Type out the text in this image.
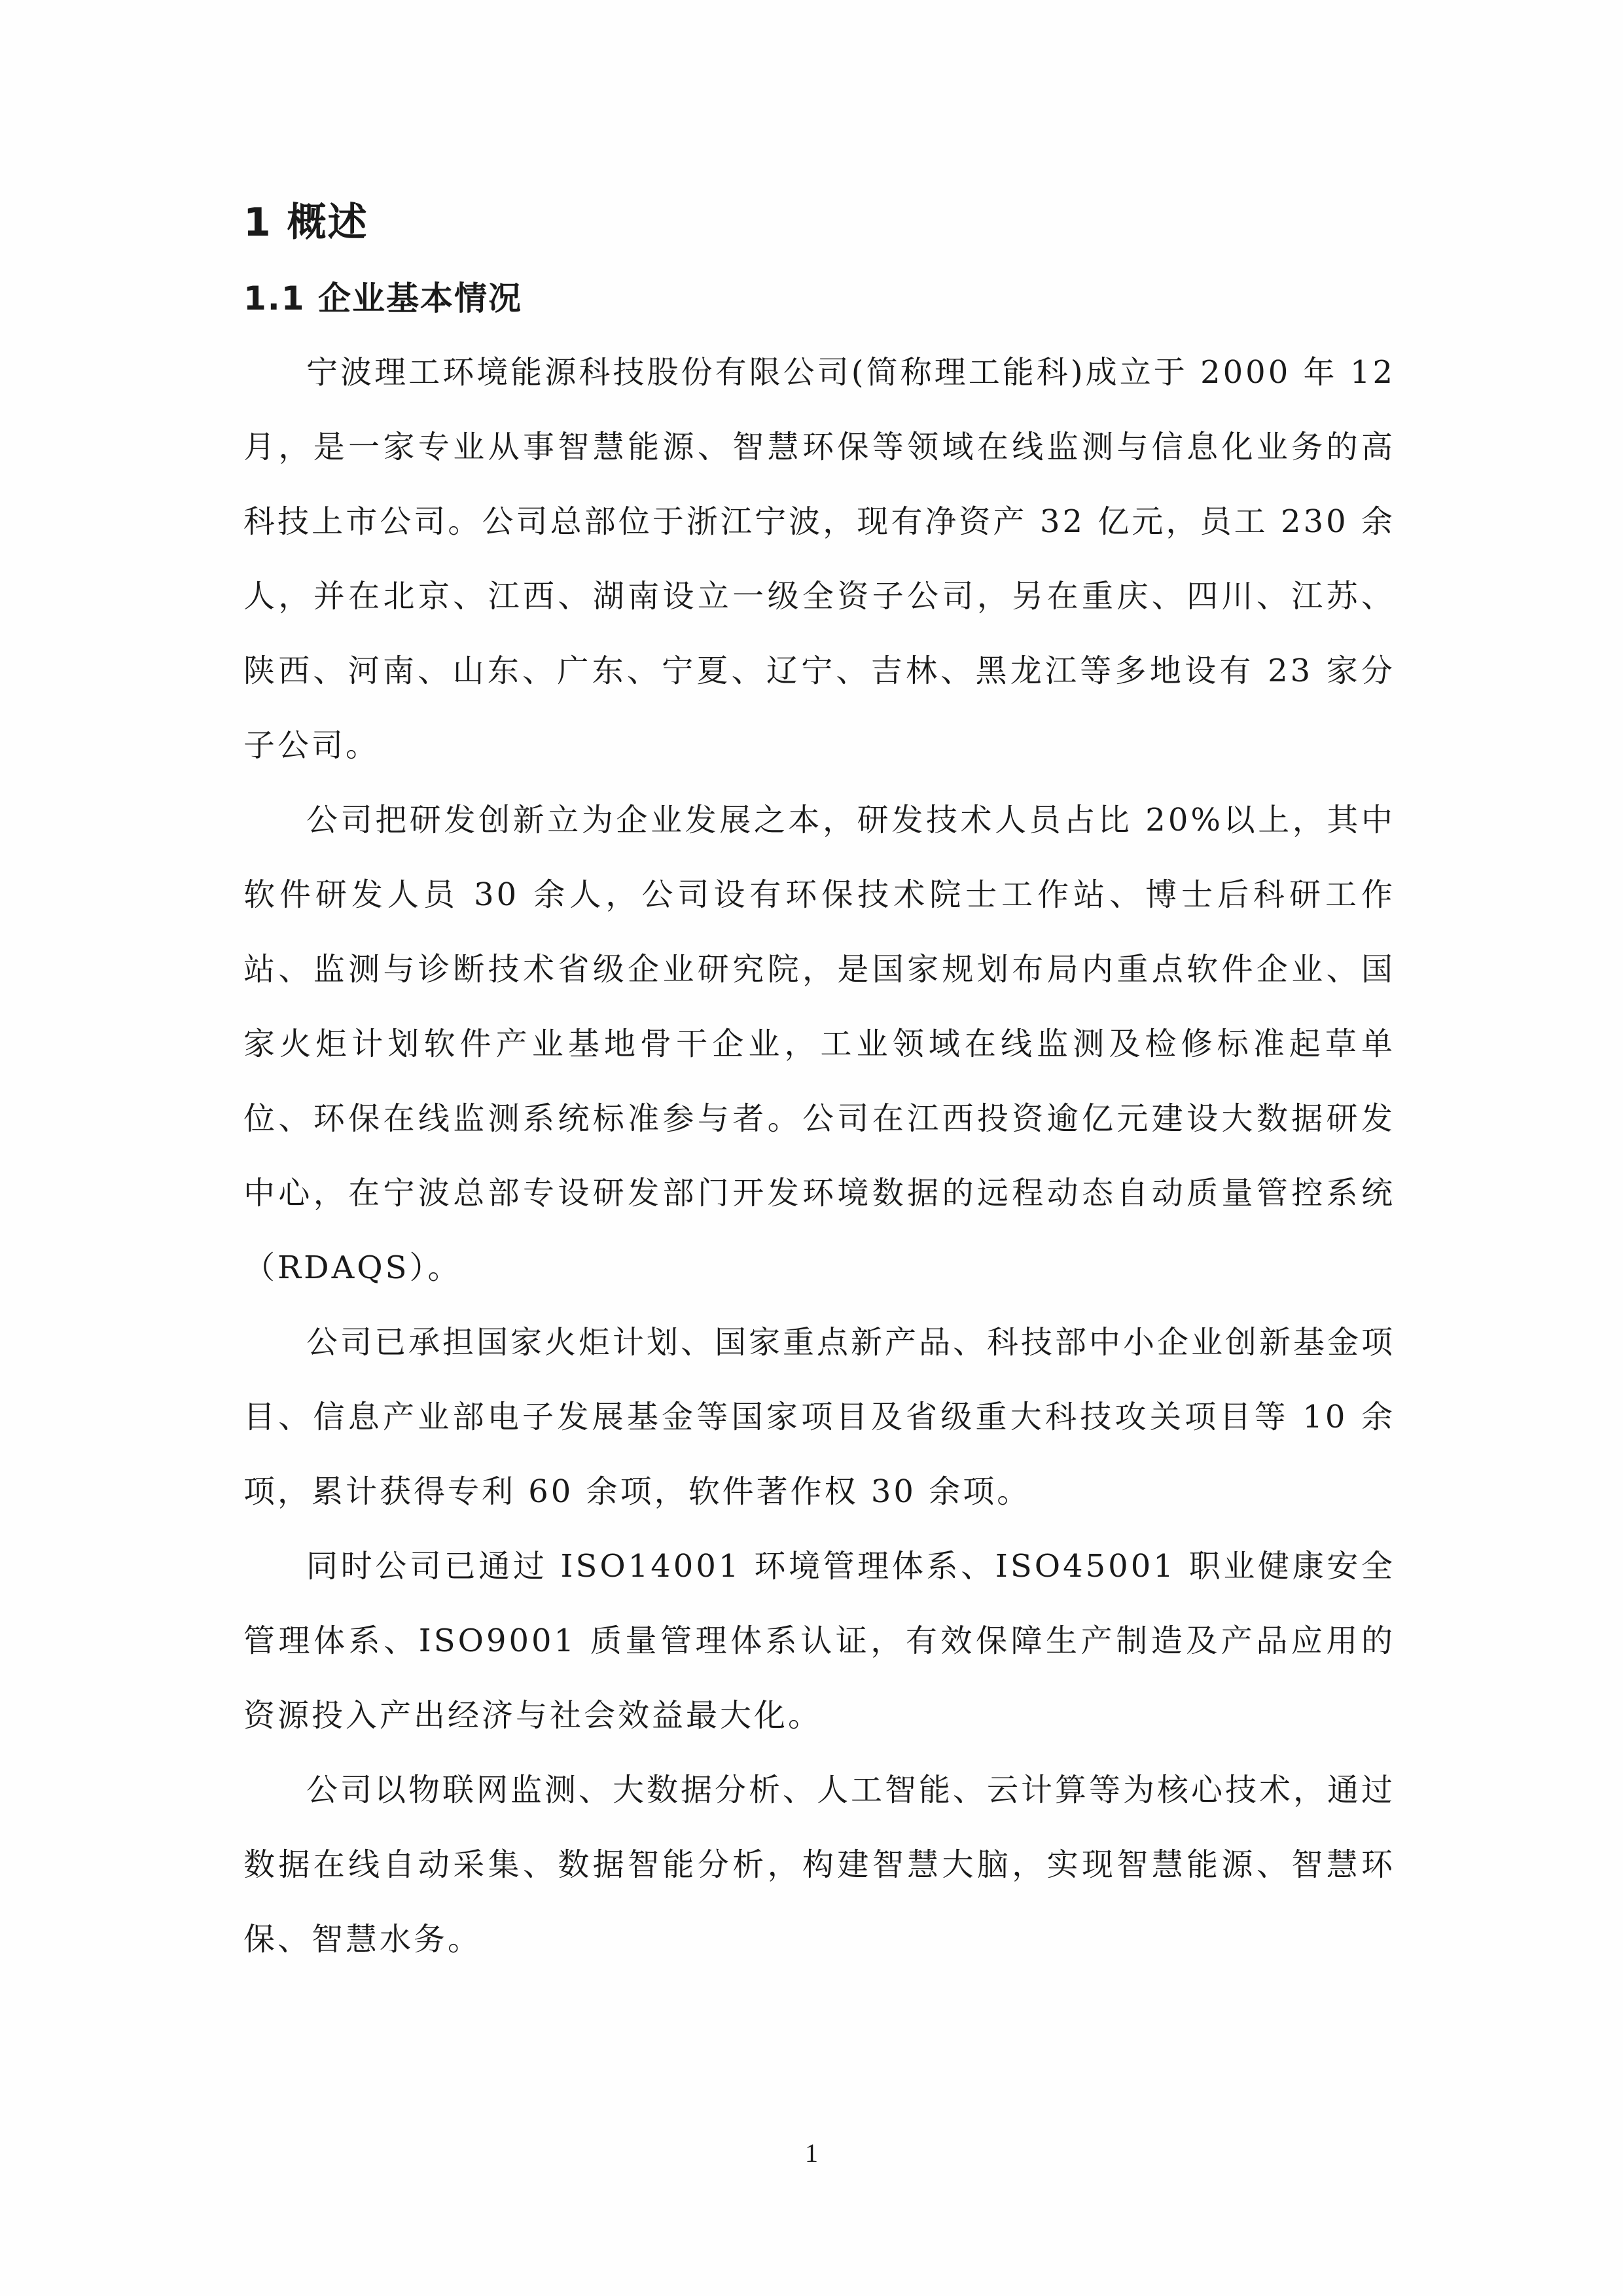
1 概述
1.1 企业基本情况

宁波理工环境能源科技股份有限公司(简称理工能科)成立于 2000 年 12 月，是一家专业从事智慧能源、智慧环保等领域在线监测与信息化业务的高科技上市公司。公司总部位于浙江宁波，现有净资产 32 亿元，员工 230 余人，并在北京、江西、湖南设立一级全资子公司，另在重庆、四川、江苏、陕西、河南、山东、广东、宁夏、辽宁、吉林、黑龙江等多地设有 23 家分子公司。

公司把研发创新立为企业发展之本，研发技术人员占比 20%以上，其中软件研发人员 30 余人，公司设有环保技术院士工作站、博士后科研工作站、监测与诊断技术省级企业研究院，是国家规划布局内重点软件企业、国家火炬计划软件产业基地骨干企业，工业领域在线监测及检修标准起草单位、环保在线监测系统标准参与者。公司在江西投资逾亿元建设大数据研发中心，在宁波总部专设研发部门开发环境数据的远程动态自动质量管控系统（RDAQS）。

公司已承担国家火炬计划、国家重点新产品、科技部中小企业创新基金项目、信息产业部电子发展基金等国家项目及省级重大科技攻关项目等 10 余项，累计获得专利 60 余项，软件著作权 30 余项。

同时公司已通过 ISO14001 环境管理体系、ISO45001 职业健康安全管理体系、ISO9001 质量管理体系认证，有效保障生产制造及产品应用的资源投入产出经济与社会效益最大化。

公司以物联网监测、大数据分析、人工智能、云计算等为核心技术，通过数据在线自动采集、数据智能分析，构建智慧大脑，实现智慧能源、智慧环保、智慧水务。

1
